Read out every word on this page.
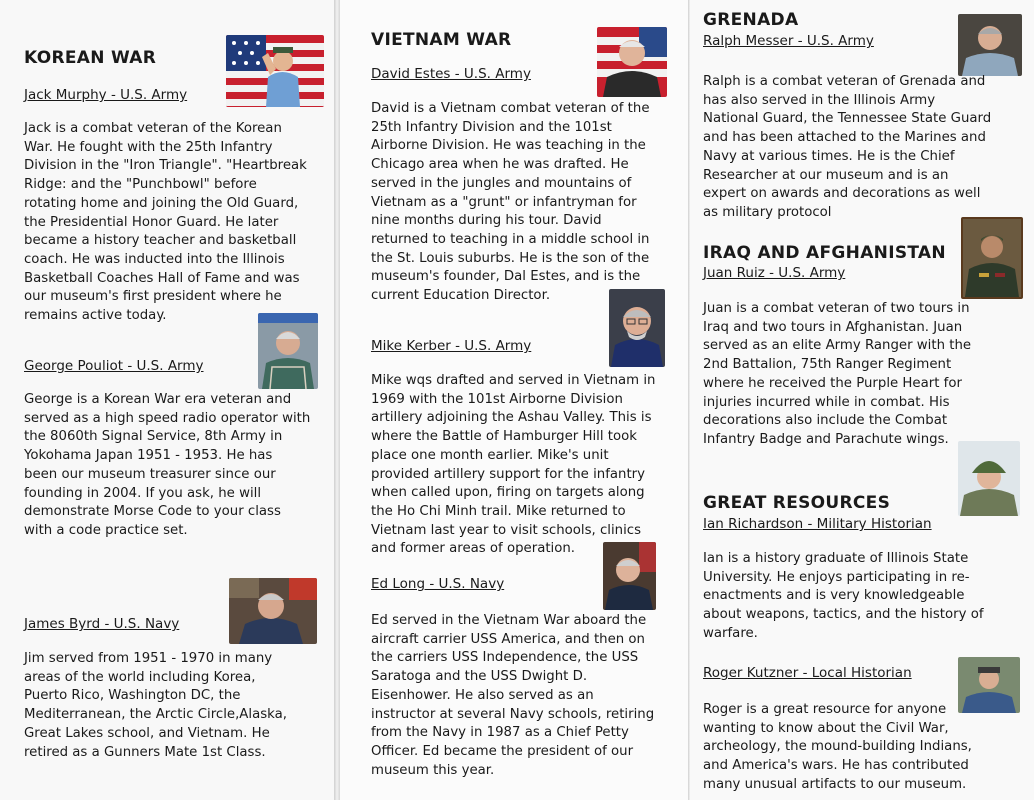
KOREAN WAR
Jack Murphy - U.S. Army
Jack is a combat veteran of the Korean
War. He fought with the 25th Infantry
Division in the "Iron Triangle". "Heartbreak
Ridge: and the "Punchbowl" before
rotating home and joining the Old Guard,
the Presidential Honor Guard. He later
became a history teacher and basketball
coach. He was inducted into the Illinois
Basketball Coaches Hall of Fame and was
our museum's first president where he
remains active today.
George Pouliot - U.S. Army
George is a Korean War era veteran and
served as a high speed radio operator with
the 8060th Signal Service, 8th Army in
Yokohama Japan 1951 - 1953. He has
been our museum treasurer since our
founding in 2004. If you ask, he will
demonstrate Morse Code to your class
with a code practice set.
James Byrd - U.S. Navy
Jim served from 1951 - 1970 in many
areas of the world including Korea,
Puerto Rico, Washington DC, the
Mediterranean, the Arctic Circle,Alaska,
Great Lakes school, and Vietnam. He
retired as a Gunners Mate 1st Class.
VIETNAM WAR
David Estes - U.S. Army
David is a Vietnam combat veteran of the
25th Infantry Division and the 101st
Airborne Division. He was teaching in the
Chicago area when he was drafted. He
served in the jungles and mountains of
Vietnam as a "grunt" or infantryman for
nine months during his tour. David
returned to teaching in a middle school in
the St. Louis suburbs. He is the son of the
museum's founder, Dal Estes, and is the
current Education Director.
Mike Kerber - U.S. Army
Mike wqs drafted and served in Vietnam in
1969 with the 101st Airborne Division
artillery adjoining the Ashau Valley. This is
where the Battle of Hamburger Hill took
place one month earlier. Mike's unit
provided artillery support for the infantry
when called upon, firing on targets along
the Ho Chi Minh trail. Mike returned to
Vietnam last year to visit schools, clinics
and former areas of operation.
Ed Long - U.S. Navy
Ed served in the Vietnam War aboard the
aircraft carrier USS America, and then on
the carriers USS Independence, the USS
Saratoga and the USS Dwight D.
Eisenhower. He also served as an
instructor at several Navy schools, retiring
from the Navy in 1987 as a Chief Petty
Officer. Ed became the president of our
museum this year.
GRENADA
Ralph Messer - U.S. Army
Ralph is a combat veteran of Grenada and
has also served in the Illinois Army
National Guard, the Tennessee State Guard
and has been attached to the Marines and
Navy at various times. He is the Chief
Researcher at our museum and is an
expert on awards and decorations as well
as military protocol
IRAQ AND AFGHANISTAN
Juan Ruiz - U.S. Army
Juan is a combat veteran of two tours in
Iraq and two tours in Afghanistan. Juan
served as an elite Army Ranger with the
2nd Battalion, 75th Ranger Regiment
where he received the Purple Heart for
injuries incurred while in combat. His
decorations also include the Combat
Infantry Badge and Parachute wings.
GREAT RESOURCES
Ian Richardson - Military Historian
Ian is a history graduate of Illinois State
University. He enjoys participating in re-
enactments and is very knowledgeable
about weapons, tactics, and the history of
warfare.
Roger Kutzner - Local Historian
Roger is a great resource for anyone
wanting to know about the Civil War,
archeology, the mound-building Indians,
and America's wars. He has contributed
many unusual artifacts to our museum.
